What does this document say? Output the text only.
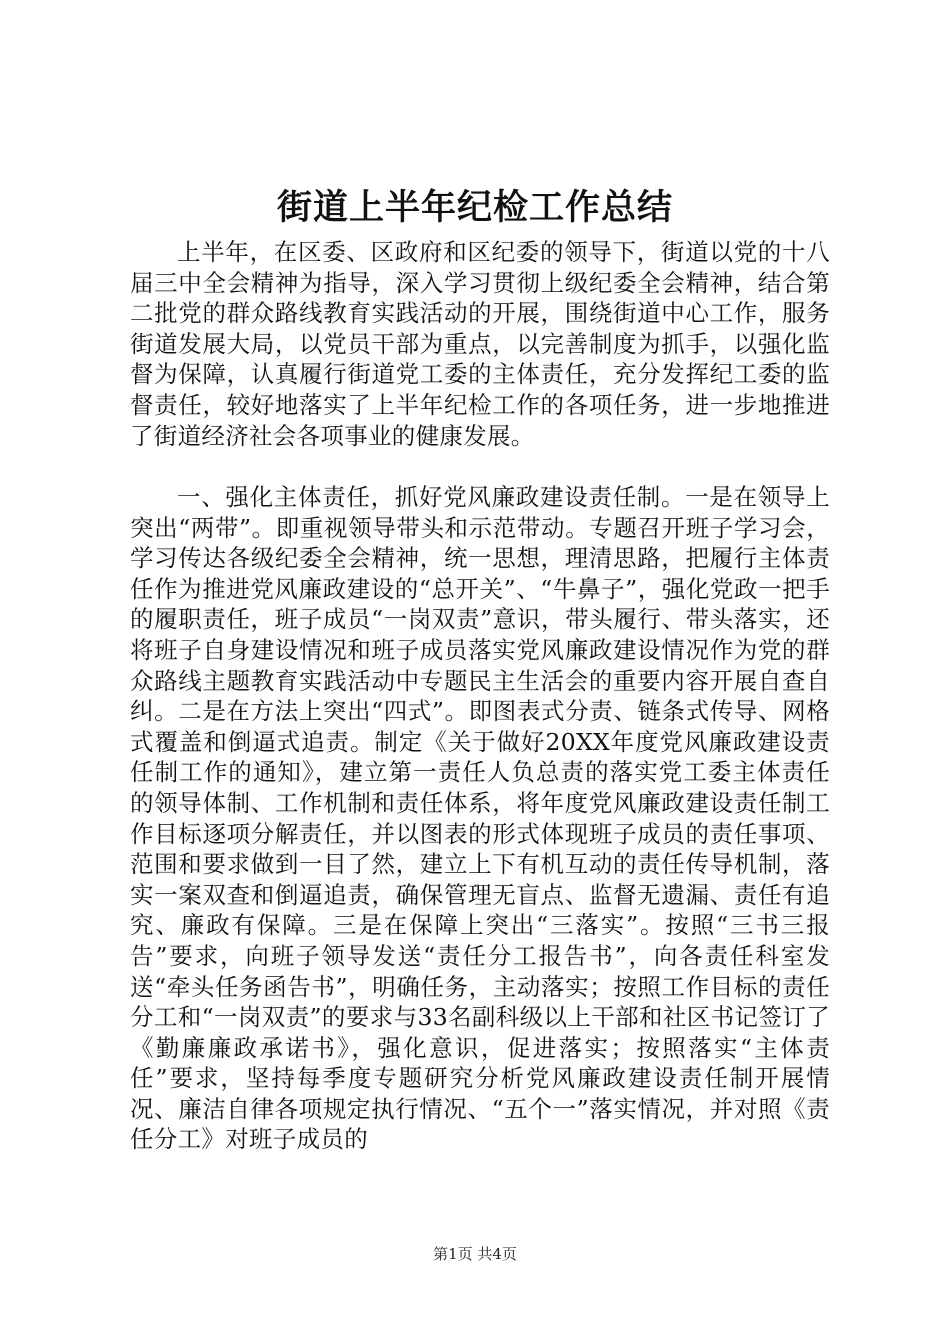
街道上半年纪检工作总结

上半年，在区委、区政府和区纪委的领导下，街道以党的十八届三中全会精神为指导，深入学习贯彻上级纪委全会精神，结合第二批党的群众路线教育实践活动的开展，围绕街道中心工作，服务街道发展大局，以党员干部为重点，以完善制度为抓手，以强化监督为保障，认真履行街道党工委的主体责任，充分发挥纪工委的监督责任，较好地落实了上半年纪检工作的各项任务，进一步地推进了街道经济社会各项事业的健康发展。

一、强化主体责任，抓好党风廉政建设责任制。一是在领导上突出“两带”。即重视领导带头和示范带动。专题召开班子学习会，学习传达各级纪委全会精神，统一思想，理清思路，把履行主体责任作为推进党风廉政建设的“总开关”、“牛鼻子”，强化党政一把手的履职责任，班子成员“一岗双责”意识，带头履行、带头落实，还将班子自身建设情况和班子成员落实党风廉政建设情况作为党的群众路线主题教育实践活动中专题民主生活会的重要内容开展自查自纠。二是在方法上突出“四式”。即图表式分责、链条式传导、网格式覆盖和倒逼式追责。制定《关于做好20XX年度党风廉政建设责任制工作的通知》，建立第一责任人负总责的落实党工委主体责任的领导体制、工作机制和责任体系，将年度党风廉政建设责任制工作目标逐项分解责任，并以图表的形式体现班子成员的责任事项、范围和要求做到一目了然，建立上下有机互动的责任传导机制，落实一案双查和倒逼追责，确保管理无盲点、监督无遗漏、责任有追究、廉政有保障。三是在保障上突出“三落实”。按照“三书三报告”要求，向班子领导发送“责任分工报告书”，向各责任科室发送“牵头任务函告书”，明确任务，主动落实；按照工作目标的责任分工和“一岗双责”的要求与33名副科级以上干部和社区书记签订了《勤廉廉政承诺书》，强化意识，促进落实；按照落实“主体责任”要求，坚持每季度专题研究分析党风廉政建设责任制开展情况、廉洁自律各项规定执行情况、“五个一”落实情况，并对照《责任分工》对班子成员的

第1页 共4页
